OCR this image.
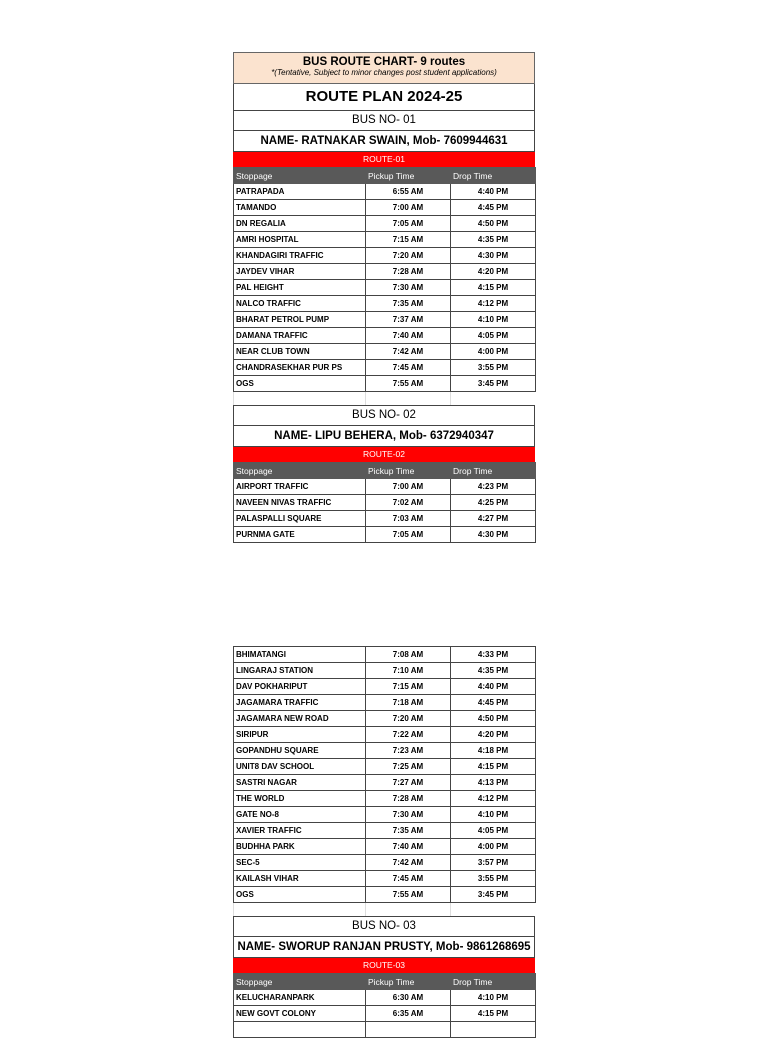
BUS ROUTE CHART- 9 routes
*(Tentative, Subject to minor changes post student applications)
ROUTE PLAN 2024-25
BUS NO- 01
NAME- RATNAKAR SWAIN, Mob- 7609944631
ROUTE-01
Stoppage	Pickup Time	Drop Time
PATRAPADA	6:55 AM	4:40 PM
TAMANDO	7:00 AM	4:45 PM
DN REGALIA	7:05 AM	4:50 PM
AMRI HOSPITAL	7:15 AM	4:35 PM
KHANDAGIRI TRAFFIC	7:20 AM	4:30 PM
JAYDEV VIHAR	7:28 AM	4:20 PM
PAL HEIGHT	7:30 AM	4:15 PM
NALCO TRAFFIC	7:35 AM	4:12 PM
BHARAT PETROL PUMP	7:37 AM	4:10 PM
DAMANA TRAFFIC	7:40 AM	4:05 PM
NEAR CLUB TOWN	7:42 AM	4:00 PM
CHANDRASEKHAR PUR PS	7:45 AM	3:55 PM
OGS	7:55 AM	3:45 PM

BUS NO- 02
NAME- LIPU BEHERA, Mob- 6372940347
ROUTE-02
Stoppage	Pickup Time	Drop Time
AIRPORT TRAFFIC	7:00 AM	4:23 PM
NAVEEN NIVAS TRAFFIC	7:02 AM	4:25 PM
PALASPALLI SQUARE	7:03 AM	4:27 PM
PURNMA GATE	7:05 AM	4:30 PM
BHIMATANGI	7:08 AM	4:33 PM
LINGARAJ STATION	7:10 AM	4:35 PM
DAV POKHARIPUT	7:15 AM	4:40 PM
JAGAMARA TRAFFIC	7:18 AM	4:45 PM
JAGAMARA NEW ROAD	7:20 AM	4:50 PM
SIRIPUR	7:22 AM	4:20 PM
GOPANDHU SQUARE	7:23 AM	4:18 PM
UNIT8 DAV SCHOOL	7:25 AM	4:15 PM
SASTRI NAGAR	7:27 AM	4:13 PM
THE WORLD	7:28 AM	4:12 PM
GATE NO-8	7:30 AM	4:10 PM
XAVIER TRAFFIC	7:35 AM	4:05 PM
BUDHHA PARK	7:40 AM	4:00 PM
SEC-5	7:42 AM	3:57 PM
KAILASH VIHAR	7:45 AM	3:55 PM
OGS	7:55 AM	3:45 PM

BUS NO- 03
NAME- SWORUP RANJAN PRUSTY, Mob- 9861268695
ROUTE-03
Stoppage	Pickup Time	Drop Time
KELUCHARANPARK	6:30 AM	4:10 PM
NEW GOVT COLONY	6:35 AM	4:15 PM
